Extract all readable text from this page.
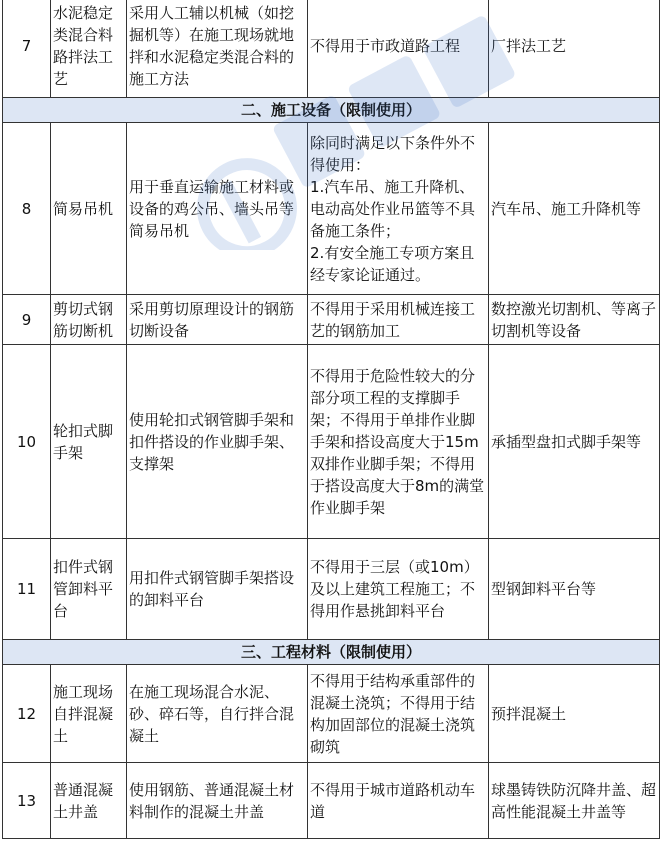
7	水泥稳定类混合料路拌法工艺	采用人工辅以机械（如挖掘机等）在施工现场就地拌和水泥稳定类混合料的施工方法	不得用于市政道路工程	厂拌法工艺
二、施工设备（限制使用）				
8	简易吊机	用于垂直运输施工材料或设备的鸡公吊、墙头吊等简易吊机	除同时满足以下条件外不得使用：
1.汽车吊、施工升降机、电动高处作业吊篮等不具备施工条件；
2.有安全施工专项方案且经专家论证通过。	汽车吊、施工升降机等
9	剪切式钢筋切断机	采用剪切原理设计的钢筋切断设备	不得用于采用机械连接工艺的钢筋加工	数控激光切割机、等离子切割机等设备
10	轮扣式脚手架	使用轮扣式钢管脚手架和扣件搭设的作业脚手架、支撑架	不得用于危险性较大的分部分项工程的支撑脚手架；不得用于单排作业脚手架和搭设高度大于15m双排作业脚手架；不得用于搭设高度大于8m的满堂作业脚手架	承插型盘扣式脚手架等
11	扣件式钢管卸料平台	用扣件式钢管脚手架搭设的卸料平台	不得用于三层（或10m）及以上建筑工程施工；不得用作悬挑卸料平台	型钢卸料平台等
三、工程材料（限制使用）				
12	施工现场自拌混凝土	在施工现场混合水泥、砂、碎石等，自行拌合混凝土	不得用于结构承重部件的混凝土浇筑；不得用于结构加固部位的混凝土浇筑砌筑	预拌混凝土
13	普通混凝土井盖	使用钢筋、普通混凝土材料制作的混凝土井盖	不得用于城市道路机动车道	球墨铸铁防沉降井盖、超高性能混凝土井盖等
